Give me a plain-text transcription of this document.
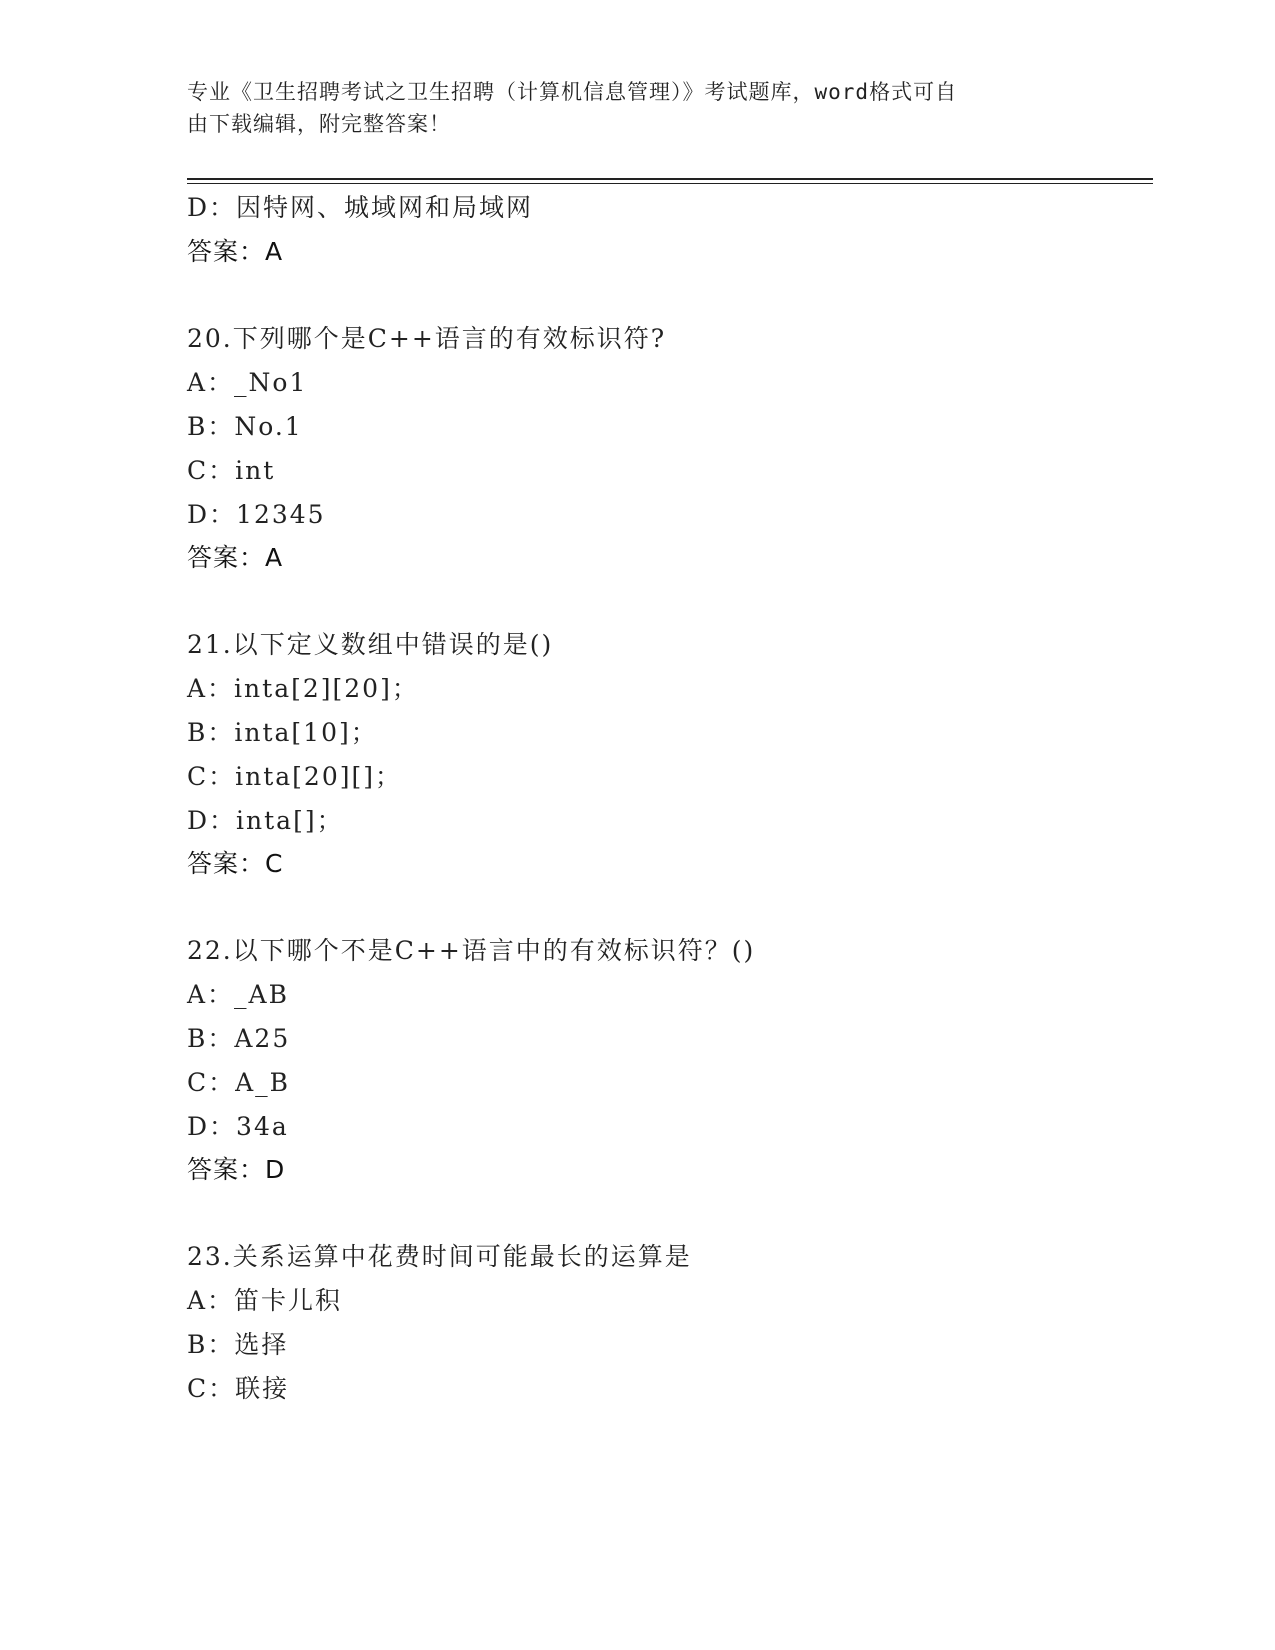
专业《卫生招聘考试之卫生招聘（计算机信息管理）》考试题库，word格式可自

由下载编辑，附完整答案！

D：因特网、城域网和局域网
答案：A
20.下列哪个是C++语言的有效标识符?
A：_No1
B：No.1
C：int
D：12345
答案：A
21.以下定义数组中错误的是()
A：inta[2][20]；
B：inta[10]；
C：inta[20][]；
D：inta[]；
答案：C
22.以下哪个不是C++语言中的有效标识符？()
A：_AB
B：A25
C：A_B
D：34a
答案：D
23.关系运算中花费时间可能最长的运算是
A：笛卡儿积
B：选择
C：联接
